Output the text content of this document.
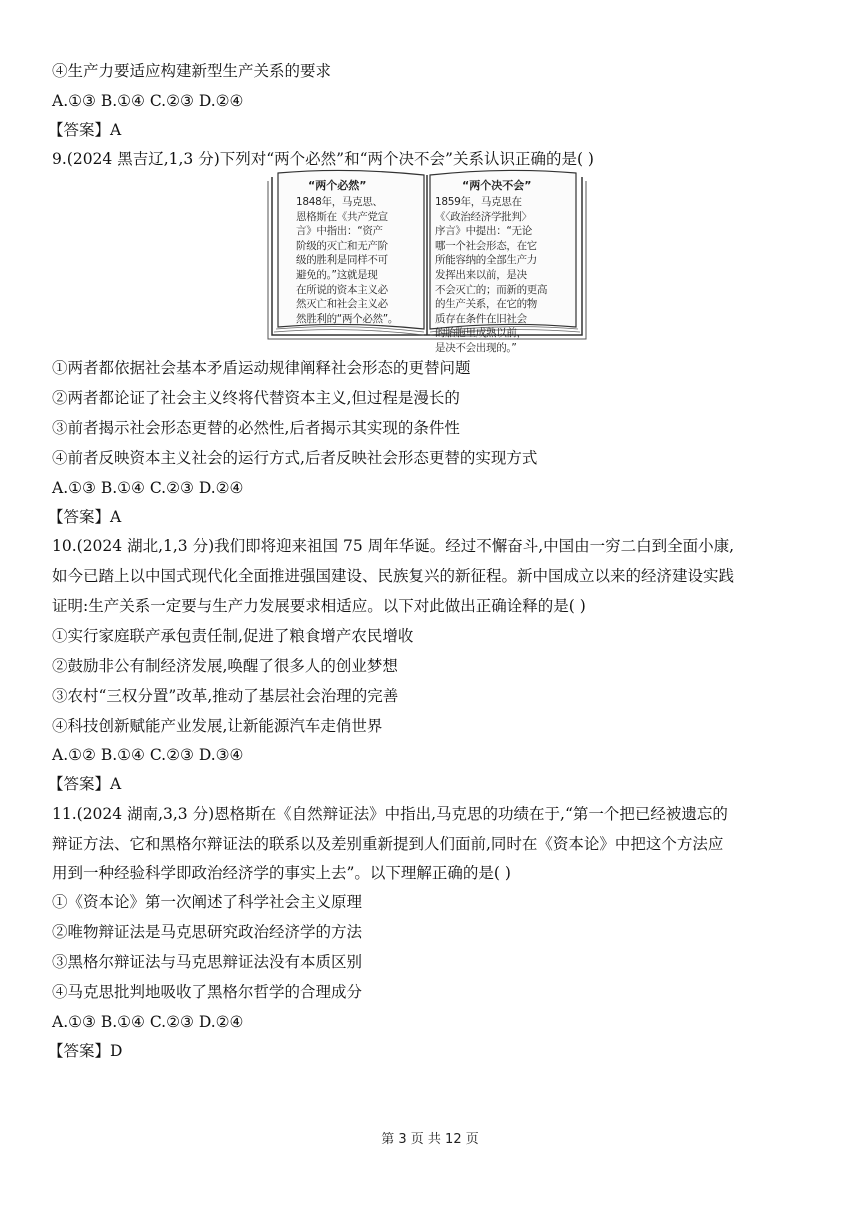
④生产力要适应构建新型生产关系的要求
A.①③ B.①④ C.②③ D.②④
【答案】A
9.(2024 黑吉辽,1,3 分)下列对“两个必然”和“两个决不会”关系认识正确的是( )
“两个必然”
1848年，马克思、
恩格斯在《共产党宣
言》中指出：“资产
阶级的灭亡和无产阶
级的胜利是同样不可
避免的。”这就是现
在所说的资本主义必
然灭亡和社会主义必
然胜利的“两个必然”。
“两个决不会”
1859年，马克思在
《〈政治经济学批判〉
序言》中提出：“无论
哪一个社会形态，在它
所能容纳的全部生产力
发挥出来以前，是决
不会灭亡的；而新的更高
的生产关系，在它的物
质存在条件在旧社会
的胎胞里成熟以前，
是决不会出现的。”
①两者都依据社会基本矛盾运动规律阐释社会形态的更替问题
②两者都论证了社会主义终将代替资本主义,但过程是漫长的
③前者揭示社会形态更替的必然性,后者揭示其实现的条件性
④前者反映资本主义社会的运行方式,后者反映社会形态更替的实现方式
A.①③ B.①④ C.②③ D.②④
【答案】A
10.(2024 湖北,1,3 分)我们即将迎来祖国 75 周年华诞。经过不懈奋斗,中国由一穷二白到全面小康,
如今已踏上以中国式现代化全面推进强国建设、民族复兴的新征程。新中国成立以来的经济建设实践
证明:生产关系一定要与生产力发展要求相适应。以下对此做出正确诠释的是( )
①实行家庭联产承包责任制,促进了粮食增产农民增收
②鼓励非公有制经济发展,唤醒了很多人的创业梦想
③农村“三权分置”改革,推动了基层社会治理的完善
④科技创新赋能产业发展,让新能源汽车走俏世界
A.①② B.①④ C.②③ D.③④
【答案】A
11.(2024 湖南,3,3 分)恩格斯在《自然辩证法》中指出,马克思的功绩在于,“第一个把已经被遗忘的
辩证方法、它和黑格尔辩证法的联系以及差别重新提到人们面前,同时在《资本论》中把这个方法应
用到一种经验科学即政治经济学的事实上去”。以下理解正确的是( )
①《资本论》第一次阐述了科学社会主义原理
②唯物辩证法是马克思研究政治经济学的方法
③黑格尔辩证法与马克思辩证法没有本质区别
④马克思批判地吸收了黑格尔哲学的合理成分
A.①③ B.①④ C.②③ D.②④
【答案】D
第 3 页 共 12 页
